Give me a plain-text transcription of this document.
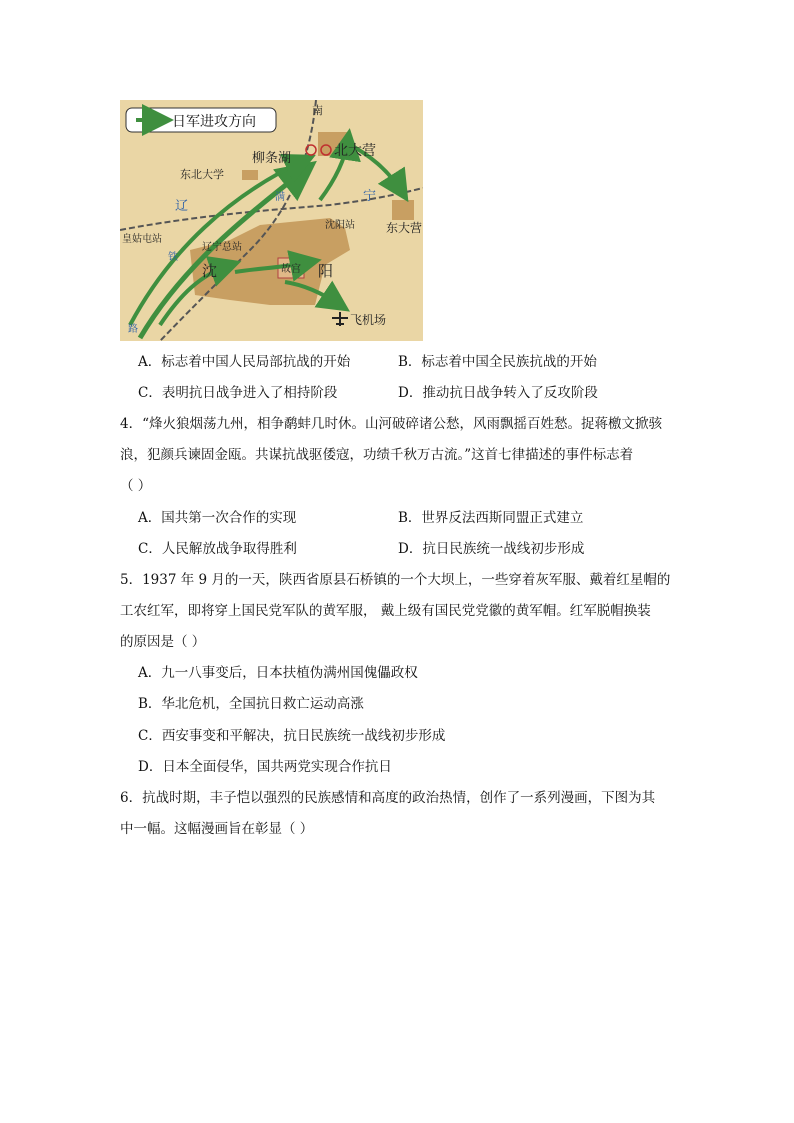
日军进攻方向
南
柳条湖	北大营
东北大学
辽
宁
满
铁
路
沈阳站	东大营
皇姑屯站
辽宁总站
沈	阳
故宫
飞机场
A．标志着中国人民局部抗战的开始	B．标志着中国全民族抗战的开始
C．表明抗日战争进入了相持阶段	D．推动抗日战争转入了反攻阶段
4．“烽火狼烟荡九州，相争鹬蚌几时休。山河破碎诸公愁，风雨飘摇百姓愁。捉蒋檄文掀骇
浪，犯颜兵谏固金瓯。共谋抗战驱倭寇，功绩千秋万古流。”这首七律描述的事件标志着
（ ）
A．国共第一次合作的实现	B．世界反法西斯同盟正式建立
C．人民解放战争取得胜利	D．抗日民族统一战线初步形成
5．1937 年 9 月的一天，陕西省原县石桥镇的一个大坝上，一些穿着灰军服、戴着红星帽的
工农红军，即将穿上国民党军队的黄军服， 戴上级有国民党党徽的黄军帽。红军脱帽换装
的原因是（ ）
A．九一八事变后，日本扶植伪满州国傀儡政权
B．华北危机，全国抗日救亡运动高涨
C．西安事变和平解决，抗日民族统一战线初步形成
D．日本全面侵华，国共两党实现合作抗日
6．抗战时期，丰子恺以强烈的民族感情和高度的政治热情，创作了一系列漫画，下图为其
中一幅。这幅漫画旨在彰显（ ）
